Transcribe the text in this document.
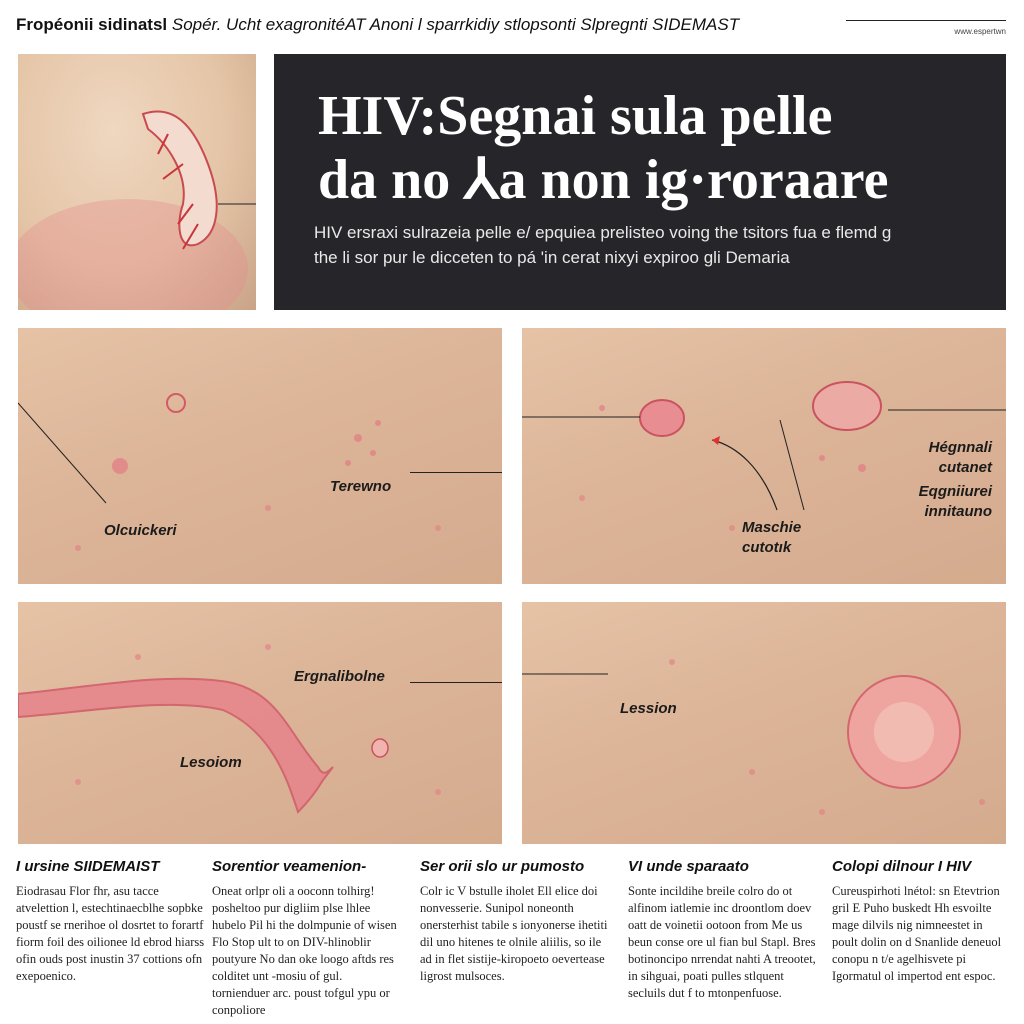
Fropéonii sidinatsl Sopér. Ucht exagronitéAT Anoni l sparrkidiy stlopsonti Slpregnti SIDEMAST	www.espertwn
HIV:Segnai sula pelle
da no ⅄a non ig·roraare
HIV ersraxi sulrazeia pelle e/ epquiea prelisteo voing the tsitors fua e flemd g
the li sor pur le dicceten to pá 'in cerat nixyi expiroo gli Demaria
Terewno
Olcuickeri
Hégnnali
cutanet
Eqgniiurei
innitauno
Maschie
cutotık
Ergnalibolne
Lesoiom
Lession
I ursine SIIDEMAIST
Eiodrasau Flor fhr, asu tacce atvelettion l, estechtinaecblhe sopbke poustf se rnerihoe ol dosrtet to forartf fiorm foil des oilionee ld ebrod hiarss ofin ouds post inustin 37 cottions ofn exepoenico.
Sorentior veamenion-
Oneat orlpr oli a ooconn tolhirg! posheltoo pur digliim plse lhlee hubelo Pil hi the dolmpunie of wisen Flo Stop ult to on DIV-hlinoblir poutyure No dan oke loogo aftds res colditet unt -mosiu of gul. tornienduer arc. poust tofgul ypu or conpoliore
Ser orii slo ur pumosto
Colr ic V bstulle iholet Ell elice doi nonvesserie. Sunipol noneonth onersterhist tabile s ionyonerse ihetiti dil uno hitenes te olnile aliilis, so ile ad in flet sistije-kiropoeto oevertease ligrost mulsoces.
VI unde sparaato
Sonte incildihe breile colro do ot alfinom iatlemie inc droontlom doev oatt de voinetii ootoon from Me us beun conse ore ul fian bul Stapl. Bres botinoncipo nrrendat nahti A treootet, in sihguai, poati pulles stlquent secluils dut f to mtonpenfuose.
Colopi dilnour I HIV
Cureuspirhoti lnétol: sn Etevtrion gril E Puho buskedt Hh esvoilte mage dilvils nig nimneestet in poult dolin on d Snanlide deneuol conopu n t/e agelhisvete pi Igormatul ol impertod ent espoc.
